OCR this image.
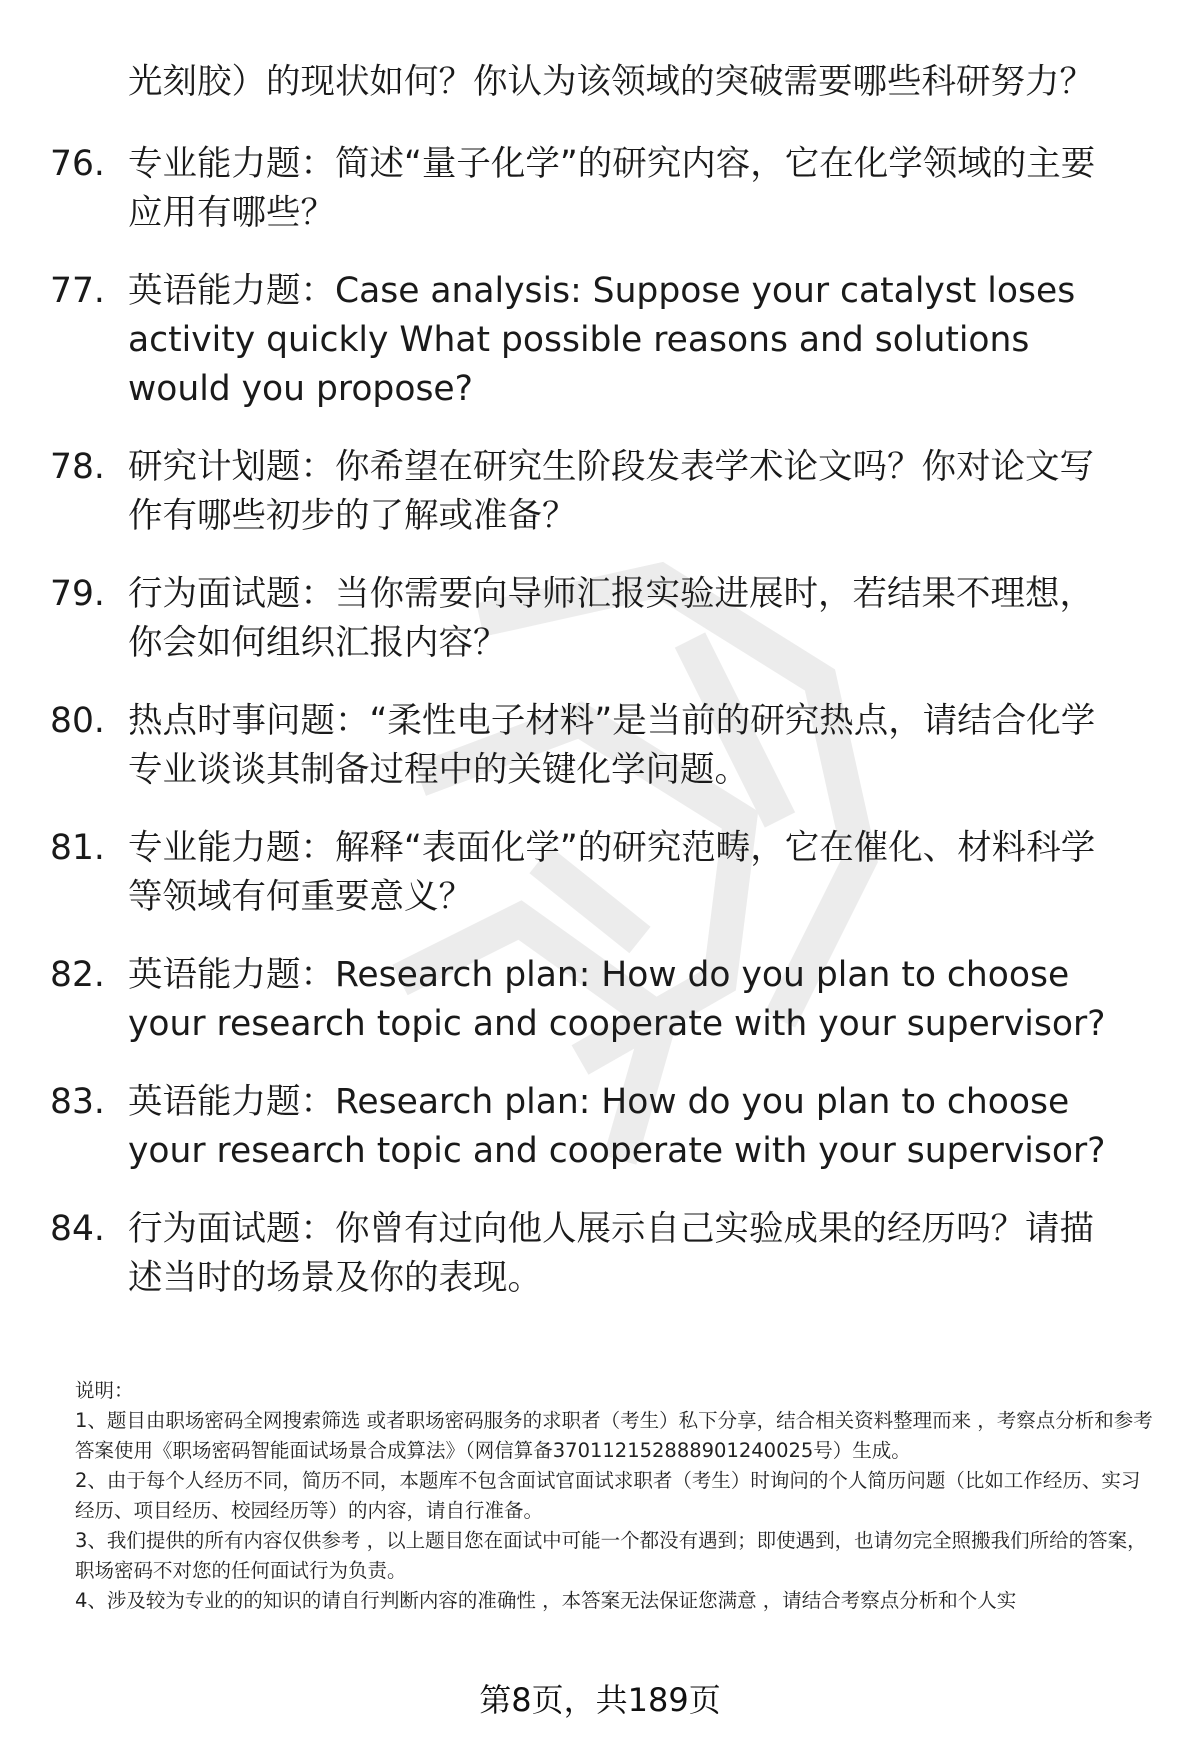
光刻胶）的现状如何？你认为该领域的突破需要哪些科研努力？
76. 专业能力题：简述“量子化学”的研究内容，它在化学领域的主要应用有哪些？
77. 英语能力题：Case analysis: Suppose your catalyst loses activity quickly What possible reasons and solutions would you propose?
78. 研究计划题：你希望在研究生阶段发表学术论文吗？你对论文写作有哪些初步的了解或准备？
79. 行为面试题：当你需要向导师汇报实验进展时，若结果不理想，你会如何组织汇报内容？
80. 热点时事问题：“柔性电子材料”是当前的研究热点，请结合化学专业谈谈其制备过程中的关键化学问题。
81. 专业能力题：解释“表面化学”的研究范畴，它在催化、材料科学等领域有何重要意义？
82. 英语能力题：Research plan: How do you plan to choose your research topic and cooperate with your supervisor?
83. 英语能力题：Research plan: How do you plan to choose your research topic and cooperate with your supervisor?
84. 行为面试题：你曾有过向他人展示自己实验成果的经历吗？请描述当时的场景及你的表现。

说明：

1、题目由职场密码全网搜索筛选 或者职场密码服务的求职者（考生）私下分享，结合相关资料整理而来 ，考察点分析和参考答案使用《职场密码智能面试场景合成算法》（网信算备370112152888901240025号）生成。

2、由于每个人经历不同，简历不同，本题库不包含面试官面试求职者（考生）时询问的个人简历问题（比如工作经历、实习经历、项目经历、校园经历等）的内容，请自行准备。

3、我们提供的所有内容仅供参考 ，以上题目您在面试中可能一个都没有遇到；即使遇到，也请勿完全照搬我们所给的答案，职场密码不对您的任何面试行为负责。

4、涉及较为专业的的知识的请自行判断内容的准确性 ，本答案无法保证您满意 ，请结合考察点分析和个人实

第8页，共189页
